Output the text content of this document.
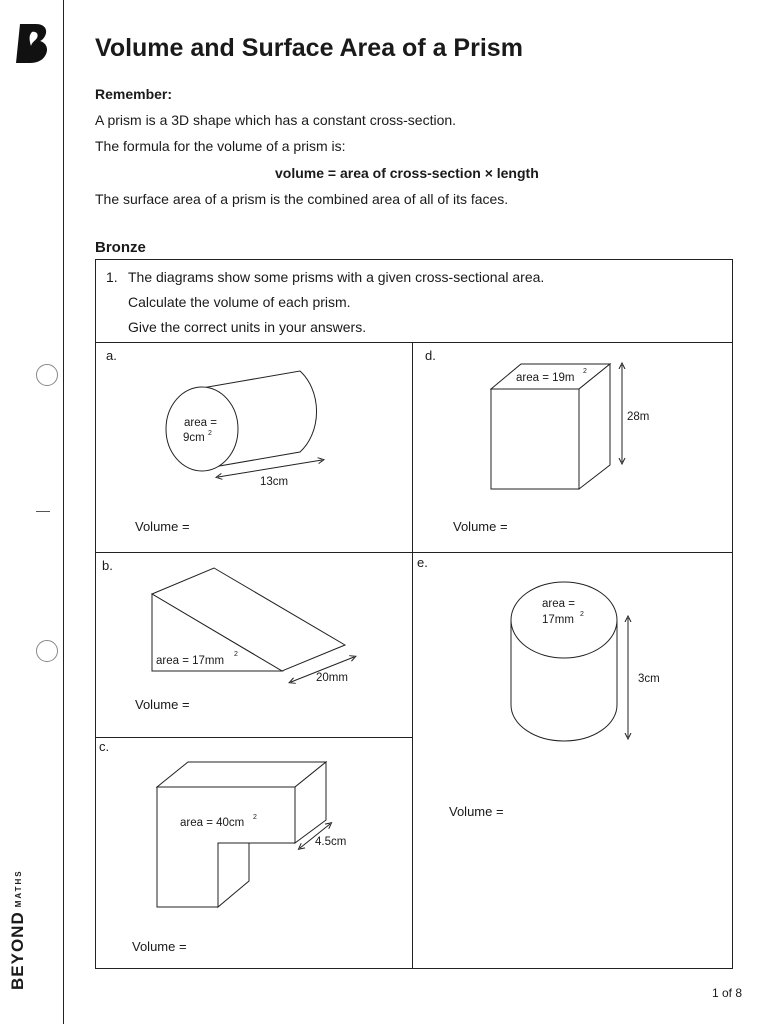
BEYONDMATHS
Volume and Surface Area of a Prism
Remember:
A prism is a 3D shape which has a constant cross-section.
The formula for the volume of a prism is:
volume = area of cross-section × length
The surface area of a prism is the combined area of all of its faces.
Bronze
1. The diagrams show some prisms with a given cross-sectional area.
Calculate the volume of each prism.
Give the correct units in your answers.
a.	d.
b.	e.
c.
Volume =	Volume =
Volume =
Volume =
Volume =
area =
9cm 2
13cm
area = 19m
2
28m
area = 17mm
2
20mm
area =
17mm 2
3cm
area = 40cm 2
4.5cm
1 of 8
